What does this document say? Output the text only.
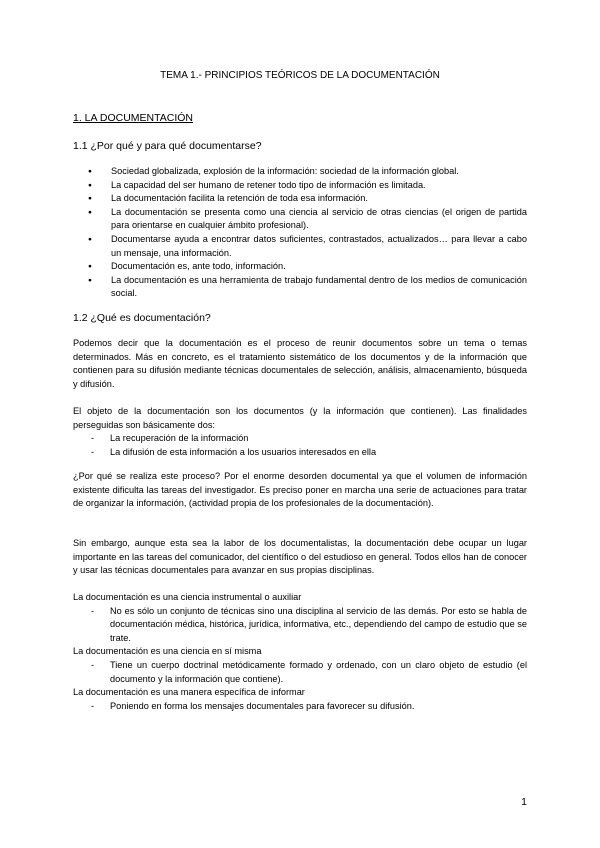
TEMA 1.- PRINCIPIOS TEÓRICOS DE LA DOCUMENTACIÓN
1. LA DOCUMENTACIÓN
1.1 ¿Por qué y para qué documentarse?
● Sociedad globalizada, explosión de la información: sociedad de la información global.
● La capacidad del ser humano de retener todo tipo de información es limitada.
● La documentación facilita la retención de toda esa información.
● La documentación se presenta como una ciencia al servicio de otras ciencias (el origen de partida para orientarse en cualquier ámbito profesional).
● Documentarse ayuda a encontrar datos suficientes, contrastados, actualizados… para llevar a cabo un mensaje, una información.
● Documentación es, ante todo, información.
● La documentación es una herramienta de trabajo fundamental dentro de los medios de comunicación social.
1.2 ¿Qué es documentación?

Podemos decir que la documentación es el proceso de reunir documentos sobre un tema o temas determinados. Más en concreto, es el tratamiento sistemático de los documentos y de la información que contienen para su difusión mediante técnicas documentales de selección, análisis, almacenamiento, búsqueda y difusión.

El objeto de la documentación son los documentos (y la información que contienen). Las finalidades perseguidas son básicamente dos:

- La recuperación de la información
- La difusión de esta información a los usuarios interesados en ella

¿Por qué se realiza este proceso? Por el enorme desorden documental ya que el volumen de información existente dificulta las tareas del investigador. Es preciso poner en marcha una serie de actuaciones para tratar de organizar la información, (actividad propia de los profesionales de la documentación).

Sin embargo, aunque esta sea la labor de los documentalistas, la documentación debe ocupar un lugar importante en las tareas del comunicador, del científico o del estudioso en general. Todos ellos han de conocer y usar las técnicas documentales para avanzar en sus propias disciplinas.

La documentación es una ciencia instrumental o auxiliar

- No es sólo un conjunto de técnicas sino una disciplina al servicio de las demás. Por esto se habla de documentación médica, histórica, jurídica, informativa, etc., dependiendo del campo de estudio que se trate.

La documentación es una ciencia en sí misma

- Tiene un cuerpo doctrinal metódicamente formado y ordenado, con un claro objeto de estudio (el documento y la información que contiene).

La documentación es una manera específica de informar

- Poniendo en forma los mensajes documentales para favorecer su difusión.
1
